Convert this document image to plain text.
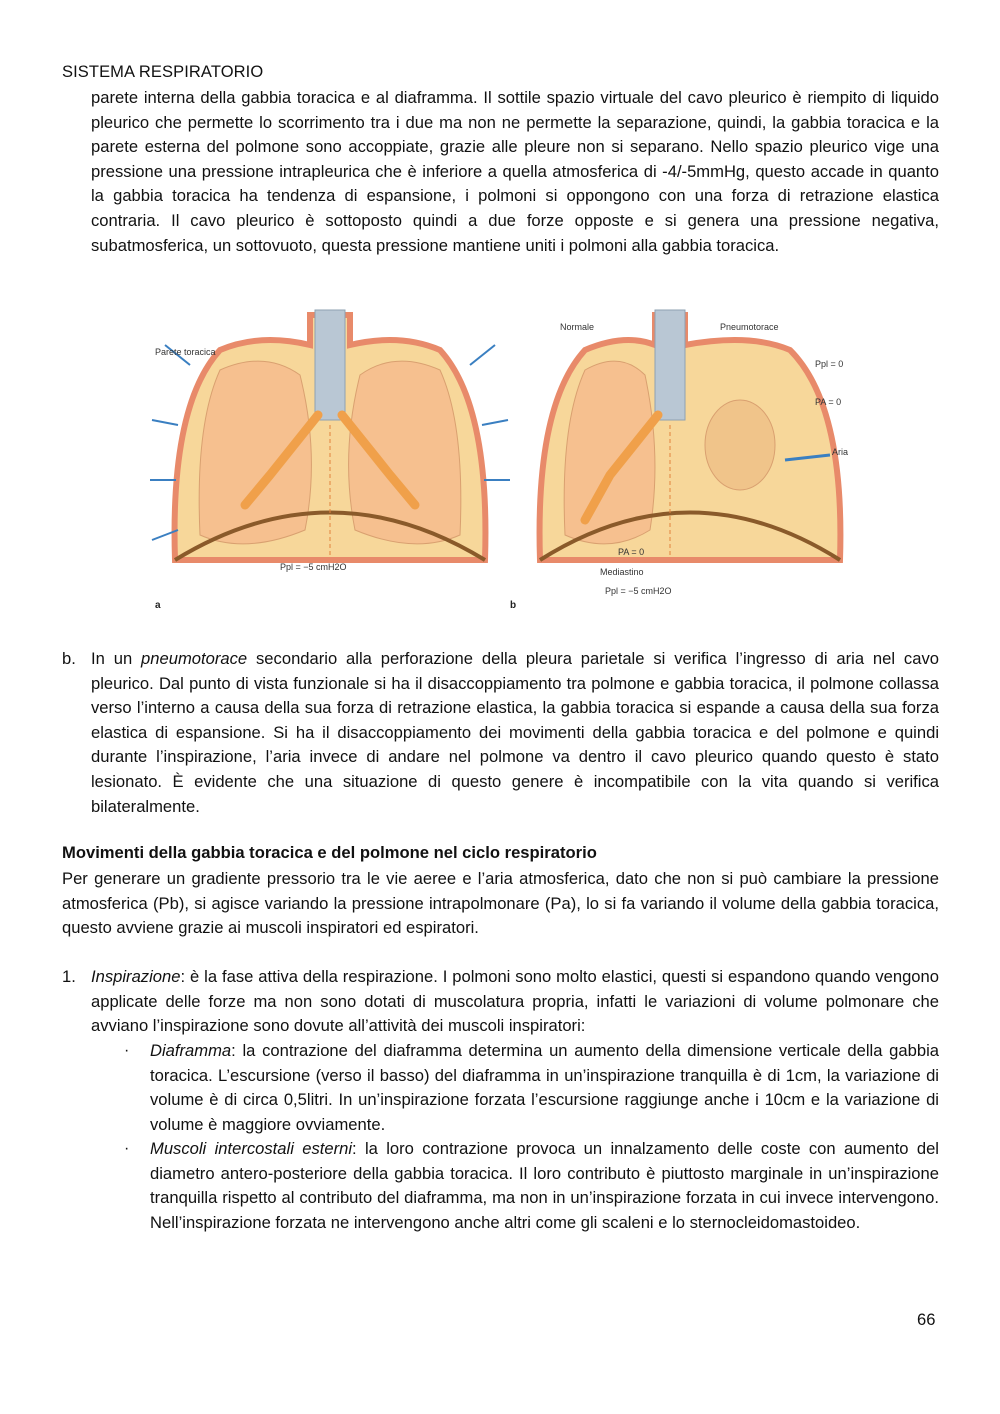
SISTEMA RESPIRATORIO

parete interna della gabbia toracica e al diaframma. Il sottile spazio virtuale del cavo pleurico è riempito di liquido pleurico che permette lo scorrimento tra i due ma non ne permette la separazione, quindi, la gabbia toracica e la parete esterna del polmone sono accoppiate, grazie alle pleure non si separano. Nello spazio pleurico vige una pressione una pressione intrapleurica che è inferiore a quella atmosferica di -4/-5mmHg, questo accade in quanto la gabbia toracica ha tendenza di espansione, i polmoni si oppongono con una forza di retrazione elastica contraria. Il cavo pleurico è sottoposto quindi a due forze opposte e si genera una pressione negativa, subatmosferica, un sottovuoto, questa pressione mantiene uniti i polmoni alla gabbia toracica.

Parete toracica
Ppl = −5 cmH2O
a
Normale	Pneumotorace
Ppl = 0
PA = 0
Aria
PA = 0
Mediastino
Ppl = −5 cmH2O
b
b. In un pneumotorace secondario alla perforazione della pleura parietale si verifica l’ingresso di aria nel cavo pleurico. Dal punto di vista funzionale si ha il disaccoppiamento tra polmone e gabbia toracica, il polmone collassa verso l’interno a causa della sua forza di retrazione elastica, la gabbia toracica si espande a causa della sua forza elastica di espansione. Si ha il disaccoppiamento dei movimenti della gabbia toracica e del polmone e quindi durante l’inspirazione, l’aria invece di andare nel polmone va dentro il cavo pleurico quando questo è stato lesionato. È evidente che una situazione di questo genere è incompatibile con la vita quando si verifica bilateralmente.

Movimenti della gabbia toracica e del polmone nel ciclo respiratorio

Per generare un gradiente pressorio tra le vie aeree e l’aria atmosferica, dato che non si può cambiare la pressione atmosferica (Pb), si agisce variando la pressione intrapolmonare (Pa), lo si fa variando il volume della gabbia toracica, questo avviene grazie ai muscoli inspiratori ed espiratori.

1. Inspirazione: è la fase attiva della respirazione. I polmoni sono molto elastici, questi si espandono quando vengono applicate delle forze ma non sono dotati di muscolatura propria, infatti le variazioni di volume polmonare che avviano l’inspirazione sono dovute all’attività dei muscoli inspiratori:

· Diaframma: la contrazione del diaframma determina un aumento della dimensione verticale della gabbia toracica. L’escursione (verso il basso) del diaframma in un’inspirazione tranquilla è di 1cm, la variazione di volume è di circa 0,5litri. In un’inspirazione forzata l’escursione raggiunge anche i 10cm e la variazione di volume è maggiore ovviamente.

· Muscoli intercostali esterni: la loro contrazione provoca un innalzamento delle coste con aumento del diametro antero-posteriore della gabbia toracica. Il loro contributo è piuttosto marginale in un’inspirazione tranquilla rispetto al contributo del diaframma, ma non in un’inspirazione forzata in cui invece intervengono. Nell’inspirazione forzata ne intervengono anche altri come gli scaleni e lo sternocleidomastoideo.

66
